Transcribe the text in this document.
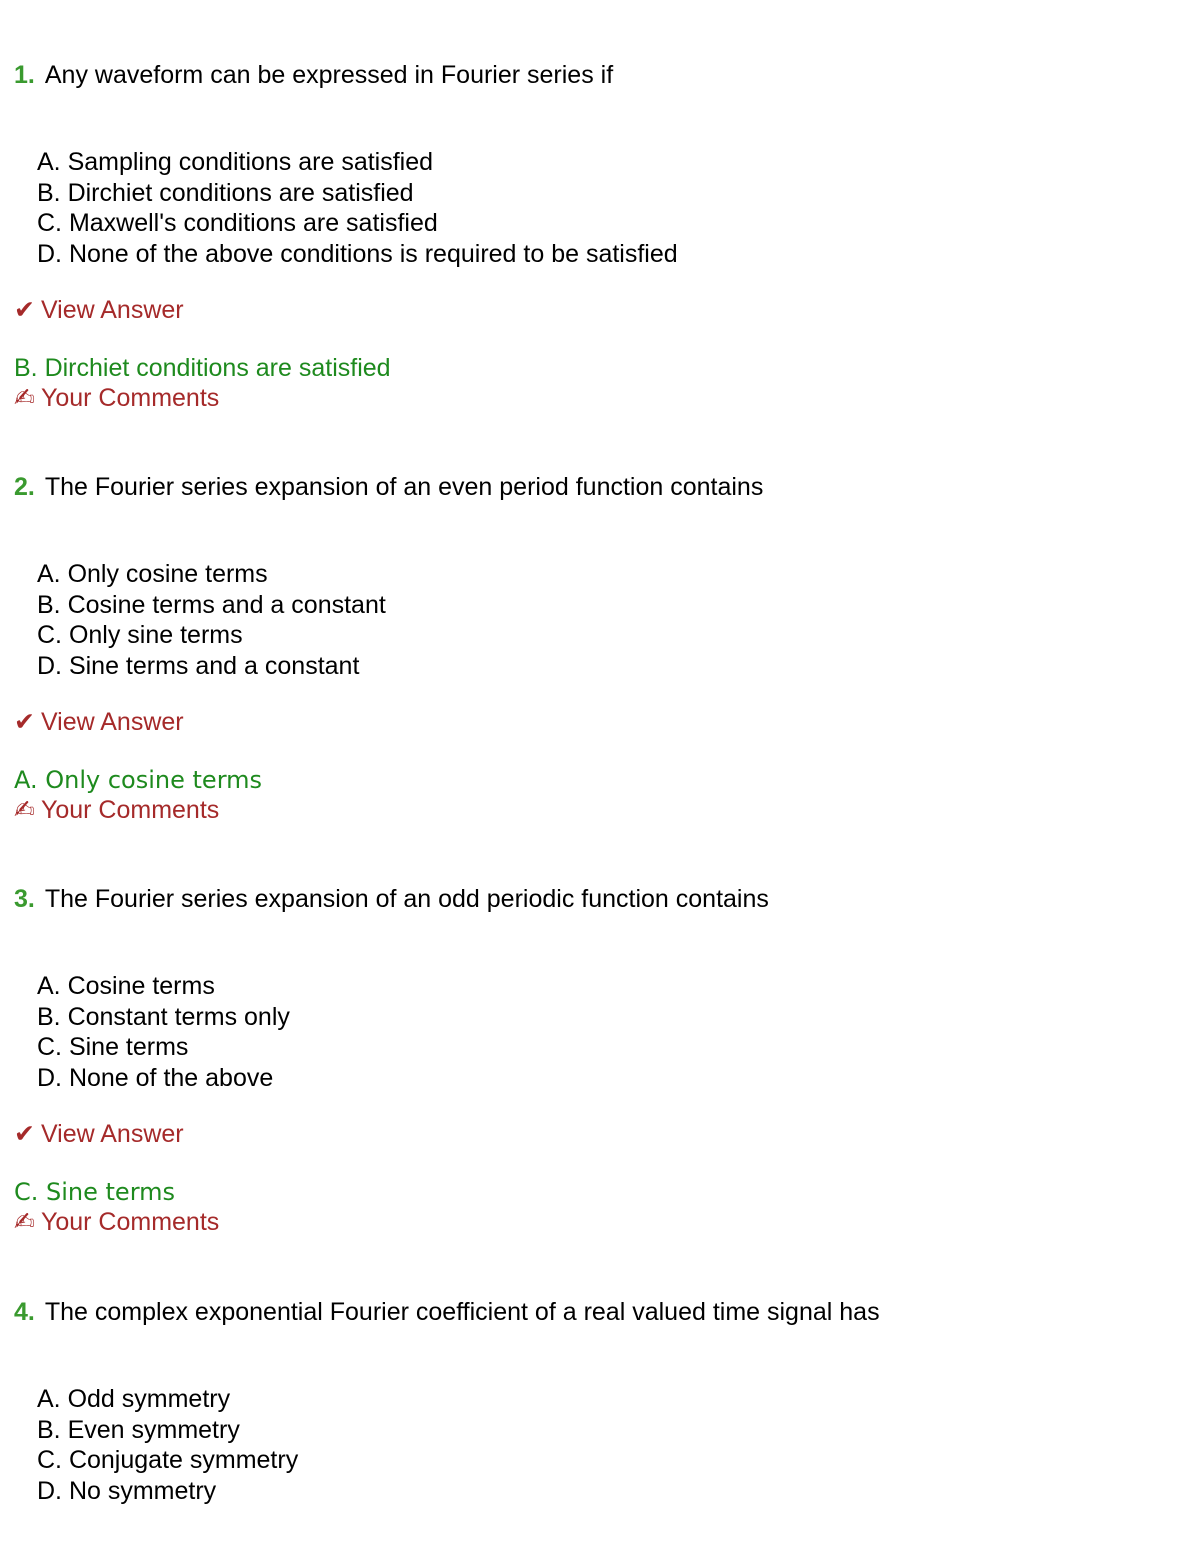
1. Any waveform can be expressed in Fourier series if
A. Sampling conditions are satisfied
B. Dirchiet conditions are satisfied
C. Maxwell's conditions are satisfied
D. None of the above conditions is required to be satisfied
✔ View Answer
B. Dirchiet conditions are satisfied
✍ Your Comments
2. The Fourier series expansion of an even period function contains
A. Only cosine terms
B. Cosine terms and a constant
C. Only sine terms
D. Sine terms and a constant
✔ View Answer
A. Only cosine terms
✍ Your Comments
3. The Fourier series expansion of an odd periodic function contains
A. Cosine terms
B. Constant terms only
C. Sine terms
D. None of the above
✔ View Answer
C. Sine terms
✍ Your Comments
4. The complex exponential Fourier coefficient of a real valued time signal has
A. Odd symmetry
B. Even symmetry
C. Conjugate symmetry
D. No symmetry
